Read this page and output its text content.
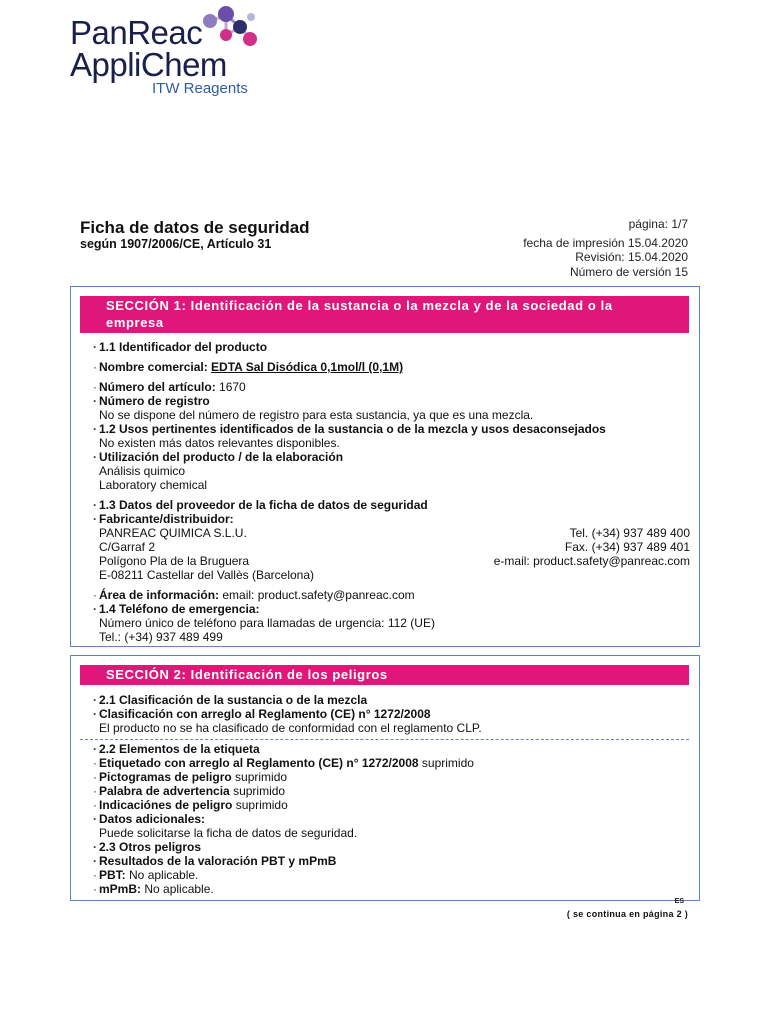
PanReac
AppliChem
ITW Reagents
Ficha de datos de seguridad
según 1907/2006/CE, Artículo 31
página: 1/7
fecha de impresión 15.04.2020
Revisión: 15.04.2020
Número de versión 15
SECCIÓN 1: Identificación de la sustancia o la mezcla y de la sociedad o la
empresa
· 1.1 Identificador del producto
· Nombre comercial: EDTA Sal Disódica 0,1mol/l (0,1M)
· Número del artículo: 1670
· Número de registro
No se dispone del número de registro para esta sustancia, ya que es una mezcla.
· 1.2 Usos pertinentes identificados de la sustancia o de la mezcla y usos desaconsejados
No existen más datos relevantes disponibles.
· Utilización del producto / de la elaboración
Análisis quimico
Laboratory chemical
· 1.3 Datos del proveedor de la ficha de datos de seguridad
· Fabricante/distribuidor:
PANREAC QUIMICA S.L.U.
C/Garraf 2
Polígono Pla de la Bruguera
E-08211 Castellar del Vallès (Barcelona)
· Área de información: email: product.safety@panreac.com
· 1.4 Teléfono de emergencia:
Número único de teléfono para llamadas de urgencia: 112 (UE)
Tel.: (+34) 937 489 499
Tel. (+34) 937 489 400
Fax. (+34) 937 489 401
e-mail: product.safety@panreac.com
SECCIÓN 2: Identificación de los peligros
· 2.1 Clasificación de la sustancia o de la mezcla
· Clasificación con arreglo al Reglamento (CE) n° 1272/2008
El producto no se ha clasificado de conformidad con el reglamento CLP.
· 2.2 Elementos de la etiqueta
· Etiquetado con arreglo al Reglamento (CE) n° 1272/2008 suprimido
· Pictogramas de peligro suprimido
· Palabra de advertencia suprimido
· Indicaciónes de peligro suprimido
· Datos adicionales:
Puede solicitarse la ficha de datos de seguridad.
· 2.3 Otros peligros
· Resultados de la valoración PBT y mPmB
· PBT: No aplicable.
· mPmB: No aplicable.
ES
( se continua en página 2 )
